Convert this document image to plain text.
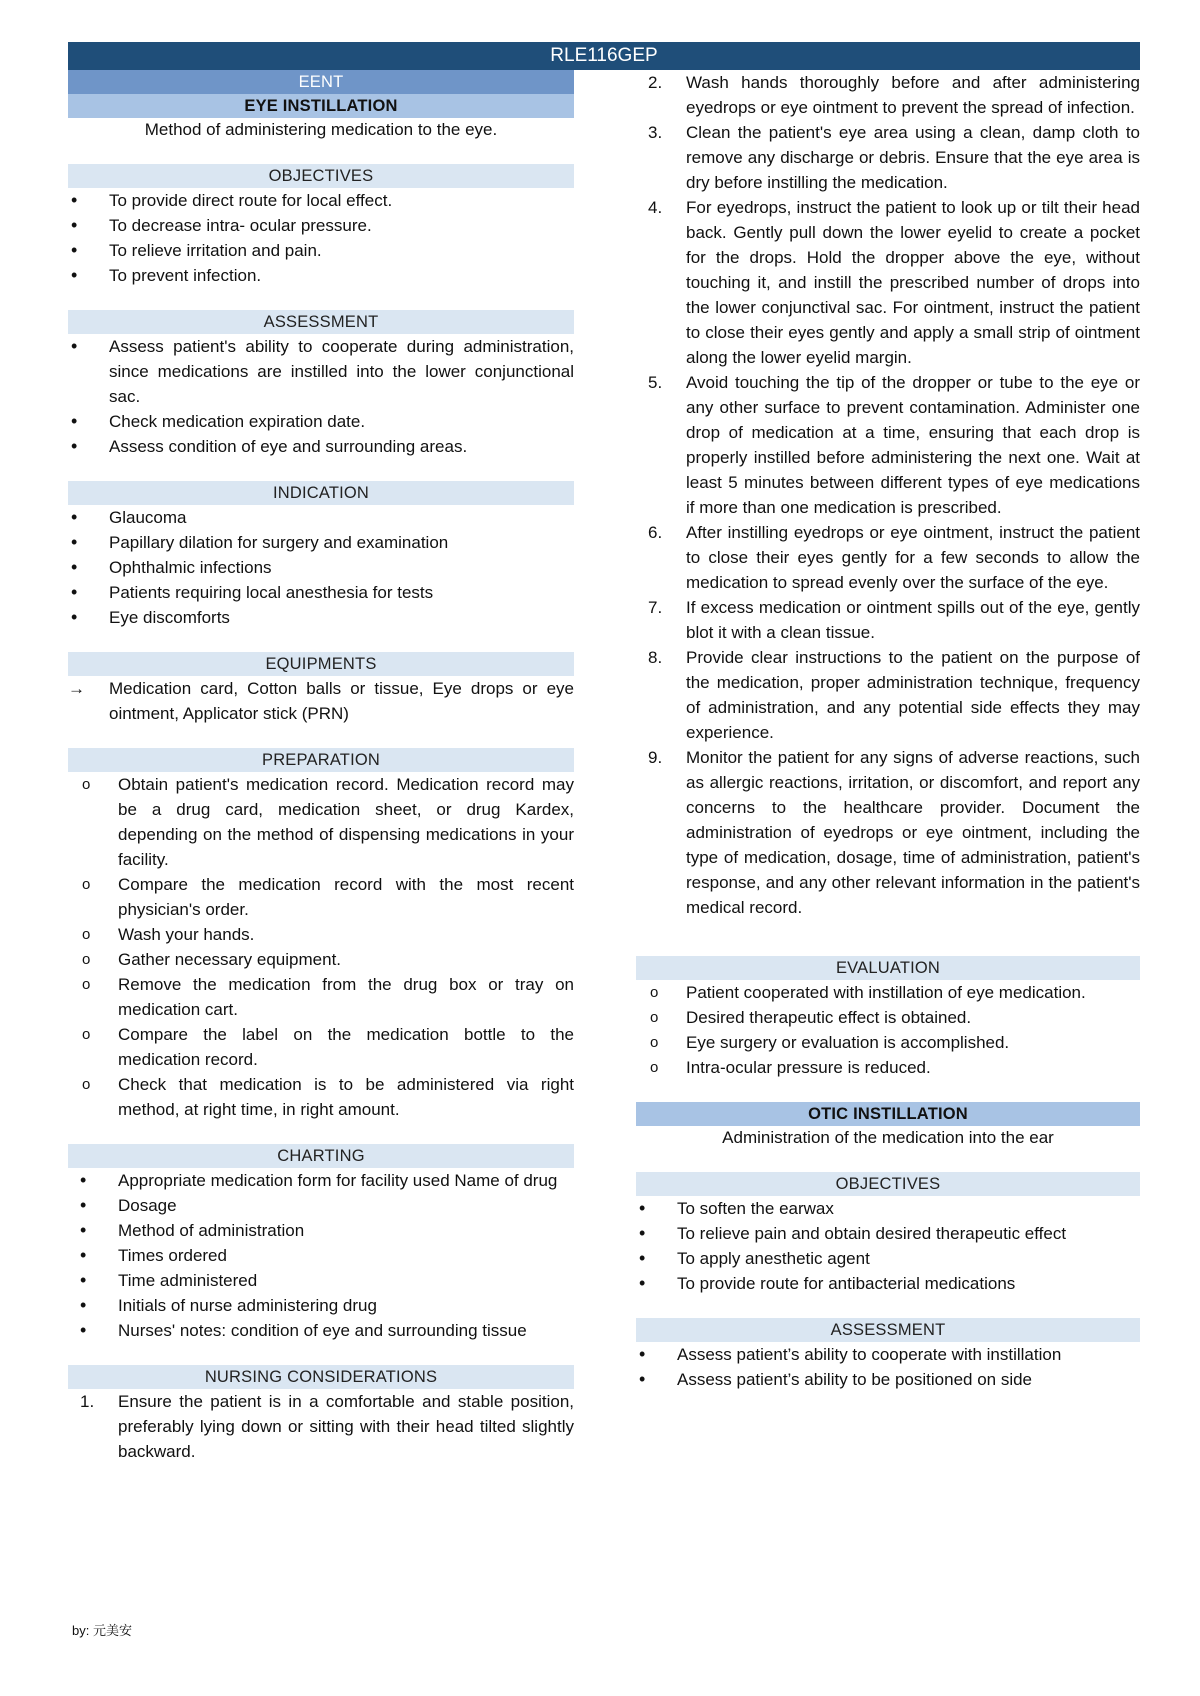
RLE116GEP
EENT
EYE INSTILLATION
Method of administering medication to the eye.
OBJECTIVES
• To provide direct route for local effect.
• To decrease intra- ocular pressure.
• To relieve irritation and pain.
• To prevent infection.
ASSESSMENT
• Assess patient's ability to cooperate during administration, since medications are instilled into the lower conjunctional sac.
• Check medication expiration date.
• Assess condition of eye and surrounding areas.
INDICATION
• Glaucoma
• Papillary dilation for surgery and examination
• Ophthalmic infections
• Patients requiring local anesthesia for tests
• Eye discomforts
EQUIPMENTS
→ Medication card, Cotton balls or tissue, Eye drops or eye ointment, Applicator stick (PRN)
PREPARATION
o Obtain patient's medication record. Medication record may be a drug card, medication sheet, or drug Kardex, depending on the method of dispensing medications in your facility.
o Compare the medication record with the most recent physician's order.
o Wash your hands.
o Gather necessary equipment.
o Remove the medication from the drug box or tray on medication cart.
o Compare the label on the medication bottle to the medication record.
o Check that medication is to be administered via right method, at right time, in right amount.
CHARTING
• Appropriate medication form for facility used Name of drug
• Dosage
• Method of administration
• Times ordered
• Time administered
• Initials of nurse administering drug
• Nurses' notes: condition of eye and surrounding tissue
NURSING CONSIDERATIONS
1. Ensure the patient is in a comfortable and stable position, preferably lying down or sitting with their head tilted slightly backward.
2. Wash hands thoroughly before and after administering eyedrops or eye ointment to prevent the spread of infection.
3. Clean the patient's eye area using a clean, damp cloth to remove any discharge or debris. Ensure that the eye area is dry before instilling the medication.
4. For eyedrops, instruct the patient to look up or tilt their head back. Gently pull down the lower eyelid to create a pocket for the drops. Hold the dropper above the eye, without touching it, and instill the prescribed number of drops into the lower conjunctival sac. For ointment, instruct the patient to close their eyes gently and apply a small strip of ointment along the lower eyelid margin.
5. Avoid touching the tip of the dropper or tube to the eye or any other surface to prevent contamination. Administer one drop of medication at a time, ensuring that each drop is properly instilled before administering the next one. Wait at least 5 minutes between different types of eye medications if more than one medication is prescribed.
6. After instilling eyedrops or eye ointment, instruct the patient to close their eyes gently for a few seconds to allow the medication to spread evenly over the surface of the eye.
7. If excess medication or ointment spills out of the eye, gently blot it with a clean tissue.
8. Provide clear instructions to the patient on the purpose of the medication, proper administration technique, frequency of administration, and any potential side effects they may experience.
9. Monitor the patient for any signs of adverse reactions, such as allergic reactions, irritation, or discomfort, and report any concerns to the healthcare provider. Document the administration of eyedrops or eye ointment, including the type of medication, dosage, time of administration, patient's response, and any other relevant information in the patient's medical record.
EVALUATION
o Patient cooperated with instillation of eye medication.
o Desired therapeutic effect is obtained.
o Eye surgery or evaluation is accomplished.
o Intra-ocular pressure is reduced.
OTIC INSTILLATION
Administration of the medication into the ear
OBJECTIVES
• To soften the earwax
• To relieve pain and obtain desired therapeutic effect
• To apply anesthetic agent
• To provide route for antibacterial medications
ASSESSMENT
• Assess patient’s ability to cooperate with instillation
• Assess patient’s ability to be positioned on side
by: 元美安
